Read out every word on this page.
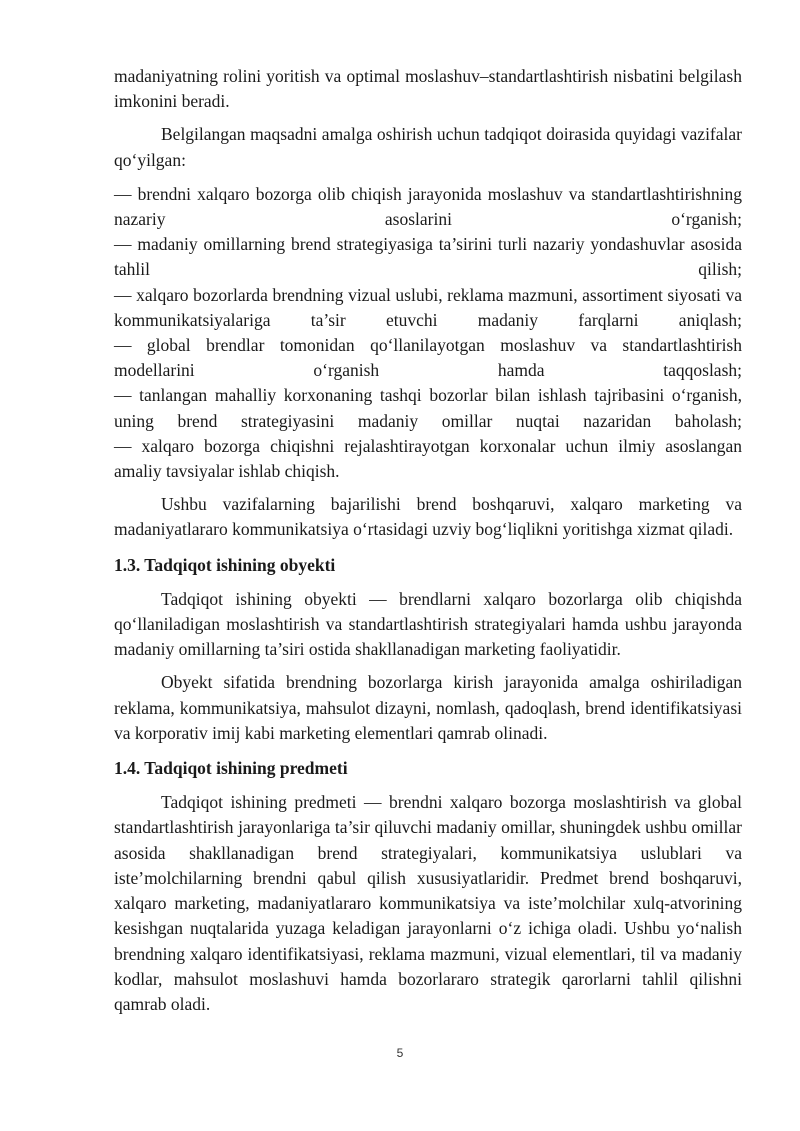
madaniyatning rolini yoritish va optimal moslashuv–standartlashtirish nisbatini belgilash imkonini beradi.

Belgilangan maqsadni amalga oshirish uchun tadqiqot doirasida quyidagi vazifalar qo‘yilgan:

— brendni xalqaro bozorga olib chiqish jarayonida moslashuv va standartlashtirishning nazariy asoslarini o‘rganish;

— madaniy omillarning brend strategiyasiga ta’sirini turli nazariy yondashuvlar asosida tahlil qilish;

— xalqaro bozorlarda brendning vizual uslubi, reklama mazmuni, assortiment siyosati va kommunikatsiyalariga ta’sir etuvchi madaniy farqlarni aniqlash;

— global brendlar tomonidan qo‘llanilayotgan moslashuv va standartlashtirish modellarini o‘rganish hamda taqqoslash;

— tanlangan mahalliy korxonaning tashqi bozorlar bilan ishlash tajribasini o‘rganish, uning brend strategiyasini madaniy omillar nuqtai nazaridan baholash;

— xalqaro bozorga chiqishni rejalashtirayotgan korxonalar uchun ilmiy asoslangan amaliy tavsiyalar ishlab chiqish.

Ushbu vazifalarning bajarilishi brend boshqaruvi, xalqaro marketing va madaniyatlararo kommunikatsiya o‘rtasidagi uzviy bog‘liqlikni yoritishga xizmat qiladi.

1.3. Tadqiqot ishining obyekti

Tadqiqot ishining obyekti — brendlarni xalqaro bozorlarga olib chiqishda qo‘llaniladigan moslashtirish va standartlashtirish strategiyalari hamda ushbu jarayonda madaniy omillarning ta’siri ostida shakllanadigan marketing faoliyatidir.

Obyekt sifatida brendning bozorlarga kirish jarayonida amalga oshiriladigan reklama, kommunikatsiya, mahsulot dizayni, nomlash, qadoqlash, brend identifikatsiyasi va korporativ imij kabi marketing elementlari qamrab olinadi.

1.4. Tadqiqot ishining predmeti

Tadqiqot ishining predmeti — brendni xalqaro bozorga moslashtirish va global standartlashtirish jarayonlariga ta’sir qiluvchi madaniy omillar, shuningdek ushbu omillar asosida shakllanadigan brend strategiyalari, kommunikatsiya uslublari va iste’molchilarning brendni qabul qilish xususiyatlaridir. Predmet brend boshqaruvi, xalqaro marketing, madaniyatlararo kommunikatsiya va iste’molchilar xulq-atvorining kesishgan nuqtalarida yuzaga keladigan jarayonlarni o‘z ichiga oladi. Ushbu yo‘nalish brendning xalqaro identifikatsiyasi, reklama mazmuni, vizual elementlari, til va madaniy kodlar, mahsulot moslashuvi hamda bozorlararo strategik qarorlarni tahlil qilishni qamrab oladi.

5
